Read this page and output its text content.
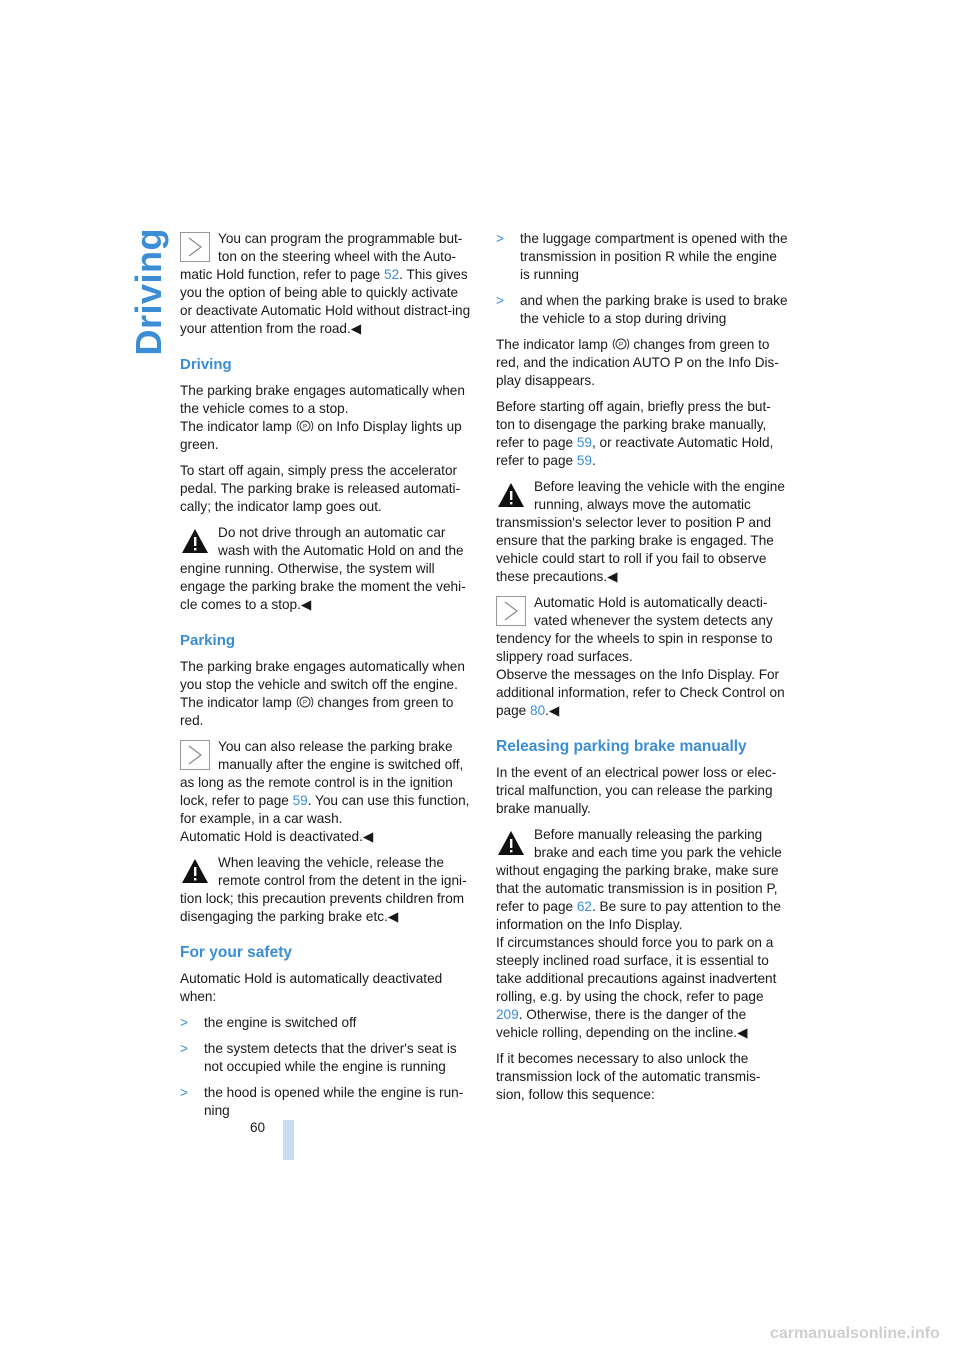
Driving	You can program the programmable but-ton on the steering wheel with the Auto-matic Hold function, refer to page 52. This gives you the option of being able to quickly activate or deactivate Automatic Hold without distract-ing your attention from the road.◀
Driving

The parking brake engages automatically when the vehicle comes to a stop.

The indicator lamp P on Info Display lights up green.

To start off again, simply press the accelerator pedal. The parking brake is released automati-cally; the indicator lamp goes out.

Do not drive through an automatic car wash with the Automatic Hold on and the engine running. Otherwise, the system will engage the parking brake the moment the vehi-cle comes to a stop.◀
Parking

The parking brake engages automatically when you stop the vehicle and switch off the engine.

The indicator lamp P changes from green to red.

You can also release the parking brake manually after the engine is switched off, as long as the remote control is in the ignition lock, refer to page 59. You can use this function, for example, in a car wash.
Automatic Hold is deactivated.◀
When leaving the vehicle, release the remote control from the detent in the igni-tion lock; this precaution prevents children from disengaging the parking brake etc.◀
For your safety

Automatic Hold is automatically deactivated when:

>	the engine is switched off
>	the system detects that the driver's seat is not occupied while the engine is running
>	the hood is opened while the engine is run-ning
>	the luggage compartment is opened with the transmission in position R while the engine is running
>	and when the parking brake is used to brake the vehicle to a stop during driving

The indicator lamp P changes from green to red, and the indication AUTO P on the Info Dis-play disappears.

Before starting off again, briefly press the but-ton to disengage the parking brake manually, refer to page 59, or reactivate Automatic Hold, refer to page 59.

Before leaving the vehicle with the engine running, always move the automatic transmission's selector lever to position P and ensure that the parking brake is engaged. The vehicle could start to roll if you fail to observe these precautions.◀
Automatic Hold is automatically deacti-vated whenever the system detects any tendency for the wheels to spin in response to slippery road surfaces.
Observe the messages on the Info Display. For additional information, refer to Check Control on page 80.◀
Releasing parking brake manually

In the event of an electrical power loss or elec-trical malfunction, you can release the parking brake manually.

Before manually releasing the parking brake and each time you park the vehicle without engaging the parking brake, make sure that the automatic transmission is in position P, refer to page 62. Be sure to pay attention to the information on the Info Display.
If circumstances should force you to park on a steeply inclined road surface, it is essential to take additional precautions against inadvertent rolling, e.g. by using the chock, refer to page 209. Otherwise, there is the danger of the vehicle rolling, depending on the incline.◀

If it becomes necessary to also unlock the transmission lock of the automatic transmis-sion, follow this sequence:

60
carmanualsonline.info
